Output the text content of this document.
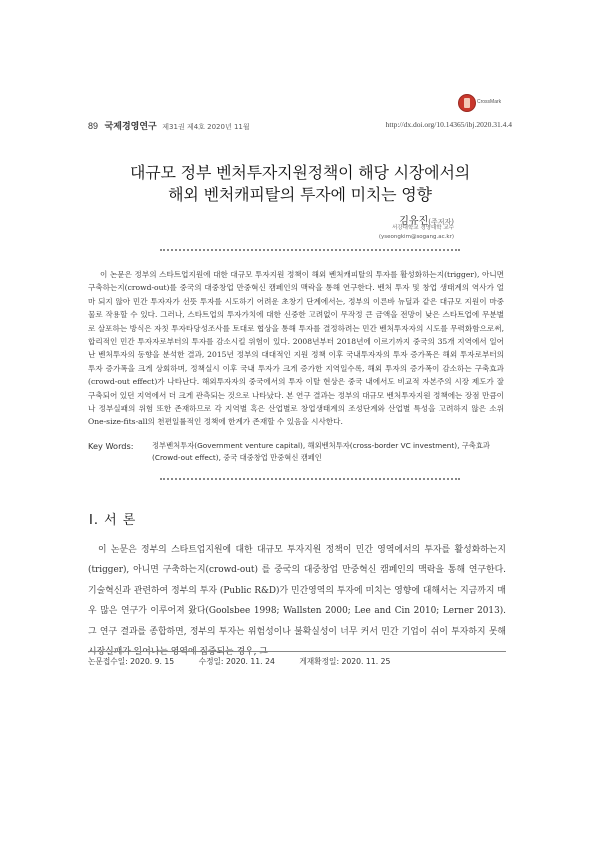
CrossMark
89 국제경영연구 제31권 제4호 2020년 11월	http://dx.doi.org/10.14365/ibj.2020.31.4.4
대규모 정부 벤처투자지원정책이 해당 시장에서의
해외 벤처캐피탈의 투자에 미치는 영향
김유진(주저자)
서강대학교 경영대학 교수
(yseongkim@sogang.ac.kr)

이 논문은 정부의 스타트업지원에 대한 대규모 투자지원 정책이 해외 벤처캐피탈의 투자를 활성화하는지(trigger), 아니면 구축하는지(crowd-out)를 중국의 대중창업 만중혁신 캠페인의 맥락을 통해 연구한다. 벤처 투자 및 창업 생태계의 역사가 얼마 되지 않아 민간 투자자가 선뜻 투자를 시도하기 어려운 초창기 단계에서는, 정부의 이른바 뉴딜과 같은 대규모 지원이 마중물로 작용할 수 있다. 그러나, 스타트업의 투자가치에 대한 신중한 고려없이 무작정 큰 금액을 전망이 낮은 스타트업에 무분별로 살포하는 방식은 자칫 투자타당성조사를 토대로 협상을 통해 투자를 결정하려는 민간 벤처투자자의 시도를 무력화함으로써, 합리적인 민간 투자자로부터의 투자를 감소시킬 위험이 있다. 2008년부터 2018년에 이르기까지 중국의 35개 지역에서 일어난 벤처투자의 동향을 분석한 결과, 2015년 정부의 대대적인 지원 정책 이후 국내투자자의 투자 증가폭은 해외 투자로부터의 투자 증가폭을 크게 상회하며, 정책실시 이후 국내 투자가 크게 증가한 지역일수록, 해외 투자의 증가폭이 감소하는 구축효과(crowd-out effect)가 나타난다. 해외투자자의 중국에서의 투자 이탈 현상은 중국 내에서도 비교적 자본주의 시장 제도가 잘 구축되어 있던 지역에서 더 크게 관측되는 것으로 나타났다. 본 연구 결과는 정부의 대규모 벤처투자지원 정책에는 장점 만큼이나 정부실패의 위험 또한 존재하므로 각 지역별 혹은 산업별로 창업생태계의 조성단계와 산업별 특성을 고려하지 않은 소위 One-size-fits-all의 천편일률적인 정책에 한계가 존재할 수 있음을 시사한다.

Key Words:	정부벤처투자(Government venture capital), 해외벤처투자(cross-border VC investment), 구축효과(Crowd-out effect), 중국 대중창업 만중혁신 캠페인
Ⅰ. 서 론

이 논문은 정부의 스타트업지원에 대한 대규모 투자지원 정책이 민간 영역에서의 투자를 활성화하는지(trigger), 아니면 구축하는지(crowd-out) 를 중국의 대중창업 만중혁신 캠페인의 맥락을 통해 연구한다. 기술혁신과 관련하여 정부의 투자 (Public R&D)가 민간영역의 투자에 미치는 영향에 대해서는 지금까지 매우 많은 연구가 이루어져 왔다(Goolsbee 1998; Wallsten 2000; Lee and Cin 2010; Lerner 2013). 그 연구 결과를 종합하면, 정부의 투자는 위험성이나 불확실성이 너무 커서 민간 기업이 쉬이 투자하지 못해 시장실패가 일어나는 영역에 집중되는 경우, 그

논문접수일: 2020. 9. 15	수정일: 2020. 11. 24	게재확정일: 2020. 11. 25
